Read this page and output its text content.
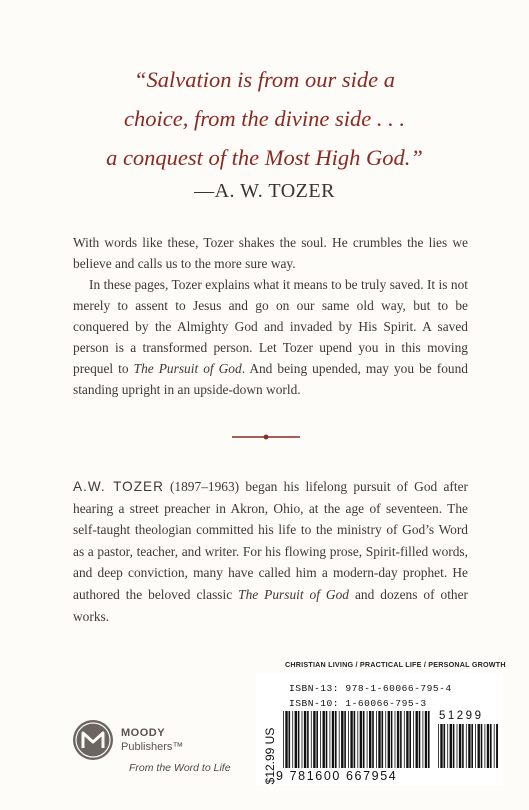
“Salvation is from our side a
choice, from the divine side . . .
a conquest of the Most High God.”
—A. W. TOZER

With words like these, Tozer shakes the soul. He crumbles the lies we believe and calls us to the more sure way.

In these pages, Tozer explains what it means to be truly saved. It is not merely to assent to Jesus and go on our same old way, but to be conquered by the Almighty God and invaded by His Spirit. A saved person is a transformed person. Let Tozer upend you in this moving prequel to The Pursuit of God. And being upended, may you be found standing upright in an upside-down world.

A.W. TOZER (1897–1963) began his lifelong pursuit of God after hearing a street preacher in Akron, Ohio, at the age of seventeen. The self-taught theologian committed his life to the ministry of God’s Word as a pastor, teacher, and writer. For his flowing prose, Spirit-filled words, and deep conviction, many have called him a modern-day prophet. He authored the beloved classic The Pursuit of God and dozens of other works.
MOODY
Publishers™
From the Word to Life
CHRISTIAN LIVING / PRACTICAL LIFE / PERSONAL GROWTH
$12.99 US
ISBN-13: 978-1-60066-795-4
ISBN-10: 1-60066-795-3
51299
9 781600 667954
